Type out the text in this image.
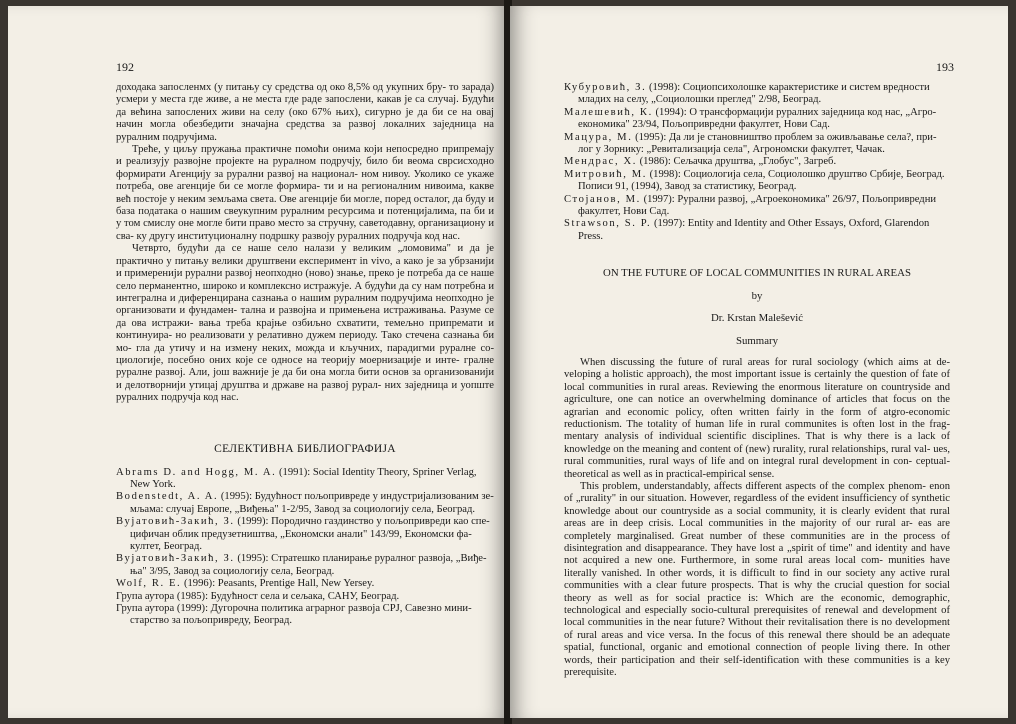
192

доходака запосленмх (у питању су средства од око 8,5% од укупних бру- то зарада) усмери у места где живе, а не места где раде запослени, какав је са случај. Будући да већина запослених живи на селу (око 67% њих), сигурно је да би се на овај начин могла обезбедити значајна средства за развој локалних заједница на руралним подручјима.

Треће, у циљу пружања практичне помоћи онима који непосредно припремају и реализују развојне пројекте на руралном подручју, било би веома сврсисходно формирати Агенцију за рурални развој на национал- ном нивоу. Уколико се укаже потреба, ове агенције би се могле формира- ти и на регионалним нивоима, какве већ постоје у неким земљама света. Ове агенције би могле, поред осталог, да буду и база података о нашим свеукупним руралним ресурсима и потенцијалима, па би и у том смислу оне могле бити право место за стручну, саветодавну, организациону и сва- ку другу институционалну подршку развоју руралних подручја код нас.

Четврто, будући да се наше село налази у великим „ломовима" и да је практично у питању велики друштвени експеримент in vivo, а како је за убрзанији и примеренији рурални развој неопходно (ново) знање, преко је потреба да се наше село перманентно, широко и комплексно истражује. А будући да су нам потребна и интегрална и диференцирана сазнања о нашим руралним подручјима неопходно је организовати и фундамен- тална и развојна и примењена истраживања. Разуме се да ова истражи- вања треба крајње озбиљно схватити, темељно припремати и континуира- но реализовати у релативно дужем периоду. Тако стечена сазнања би мо- гла да утичу и на измену неких, можда и кључних, парадигми руралне со- циологије, посебно оних које се односе на теорију моернизације и инте- гралне руралне развој. Али, још важније је да би она могла бити основ за организованији и делотворнији утицај друштва и државе на развој рурал- них заједница и уопште руралних подручја код нас.

СЕЛЕКТИВНА БИБЛИОГРАФИЈА

Abrams D. and Hogg, M. A. (1991): Social Identity Theory, Spriner Verlag, New York.

Bodenstedt, A. A. (1995): Будућност пољопривреде у индустријализованим зе- мљама: случај Европе, „Виђења" 1-2/95, Завод за социологију села, Београд.

Вујатовић-Закић, З. (1999): Породично газдинство у пољопривреди као спе- цифичан облик предузетништва, „Економски анали" 143/99, Економски фа- култет, Београд.

Вујатовић-Закић, З. (1995): Стратешко планирање руралног развоја, „Виђе- ња" 3/95, Завод за социологију села, Београд.

Wolf, R. E. (1996): Peasants, Prentige Hall, New Yersey.

Група аутора (1985): Будућност села и сељака, САНУ, Београд.

Група аутора (1999): Дугорочна политика аграрног развоја СРЈ, Савезно мини- старство за пољопривреду, Београд.

193

Кубуровић, З. (1998): Социопсихолошке карактеристике и систем вредности младих на селу, „Социолошки преглед" 2/98, Београд.

Малешевић, К. (1994): О трансформацији руралних заједница код нас, „Агро- економика" 23/94, Пољопривредни факултет, Нови Сад.

Мацура, М. (1995): Да ли је становништво проблем за оживљавање села?, при- лог у Зорнику: „Ревитализација села", Агрономски факултет, Чачак.

Мендрас, Х. (1986): Сељачка друштва, „Глобус", Загреб.

Митровић, М. (1998): Социологија села, Социолошко друштво Србије, Београд. Пописи 91, (1994), Завод за статистику, Београд.

Стојанов, М. (1997): Рурални развој, „Агроекономика" 26/97, Пољопривредни факултет, Нови Сад.

Strawson, S. P. (1997): Entity and Identity and Other Essays, Oxford, Glarendon Press.

ON THE FUTURE OF LOCAL COMMUNITIES IN RURAL AREAS

by

Dr. Krstan Malešević

Summary

When discussing the future of rural areas for rural sociology (which aims at de- veloping a holistic approach), the most important issue is certainly the question of fate of local communities in rural areas. Reviewing the enormous literature on countryside and agriculture, one can notice an overwhelming dominance of articles that focus on the agrarian and economic policy, often written fairly in the form of atgro-economic reductionism. The totality of human life in rural communites is often lost in the frag- mentary analysis of individual scientific disciplines. That is why there is a lack of knowledge on the meaning and content of (new) rurality, rural relationships, rural val- ues, rural communities, rural ways of life and on integral rural development in con- ceptual-theoretical as well as in practical-empirical sense.

This problem, understandably, affects different aspects of the complex phenom- enon of „rurality" in our situation. However, regardless of the evident insufficiency of synthetic knowledge about our countryside as a social community, it is clearly evident that rural areas are in deep crisis. Local communities in the majority of our rural ar- eas are completely marginalised. Great number of these communities are in the process of disintegration and disappearance. They have lost a „spirit of time" and identity and have not acquired a new one. Furthermore, in some rural areas local com- munities have literally vanished. In other words, it is difficult to find in our society any active rural communities with a clear future prospects. That is why the crucial question for social theory as well as for social practice is: Which are the economic, demographic, technological and especially socio-cultural prerequisites of renewal and development of local communities in the near future? Without their revitalisation there is no development of rural areas and vice versa. In the focus of this renewal there should be an adequate spatial, functional, organic and emotional connection of people living there. In other words, their participation and their self-identification with these communities is a key prerequisite.
